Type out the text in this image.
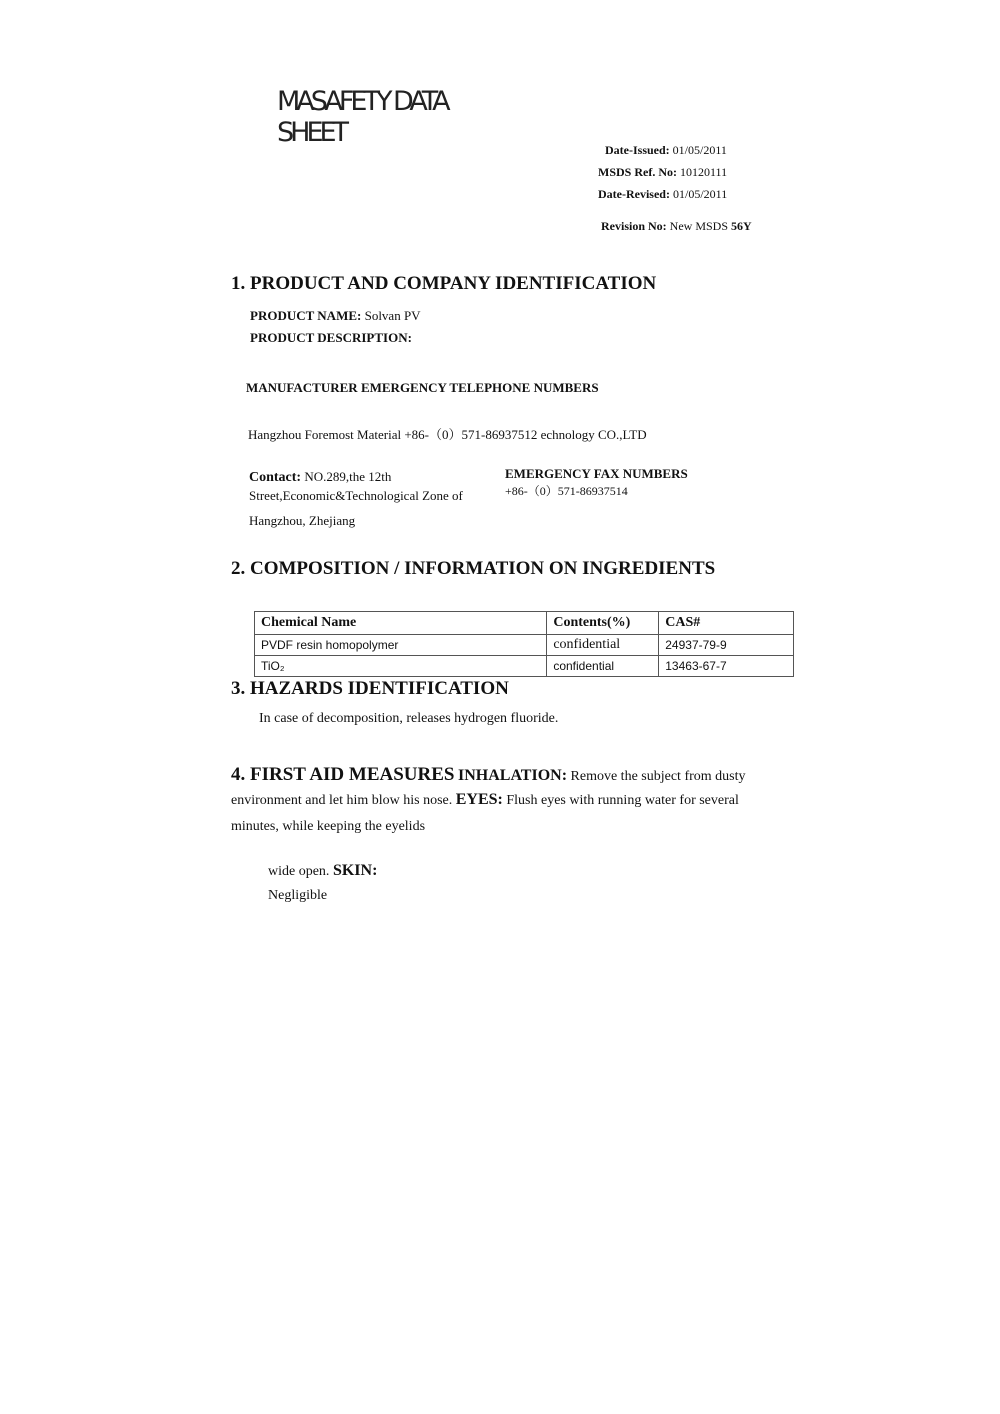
MASAFETY DATA
SHEET
Date-Issued: 01/05/2011
MSDS Ref. No: 10120111
Date-Revised: 01/05/2011
Revision No: New MSDS 56Y
1. PRODUCT AND COMPANY IDENTIFICATION
PRODUCT NAME: Solvan PV
PRODUCT DESCRIPTION:
MANUFACTURER EMERGENCY TELEPHONE NUMBERS
Hangzhou Foremost Material +86-（0）571-86937512 echnology CO.,LTD
Contact: NO.289,the 12th
Street,Economic&Technological Zone of
Hangzhou, Zhejiang
EMERGENCY FAX NUMBERS
+86-（0）571-86937514
2. COMPOSITION / INFORMATION ON INGREDIENTS
Chemical Name	Contents(%)	CAS#
PVDF resin homopolymer	confidential	24937-79-9
TiO₂	confidential	13463-67-7
3. HAZARDS IDENTIFICATION
In case of decomposition, releases hydrogen fluoride.
4. FIRST AID MEASURES INHALATION: Remove the subject from dusty
environment and let him blow his nose. EYES: Flush eyes with running water for several
minutes, while keeping the eyelids
wide open. SKIN:
Negligible
